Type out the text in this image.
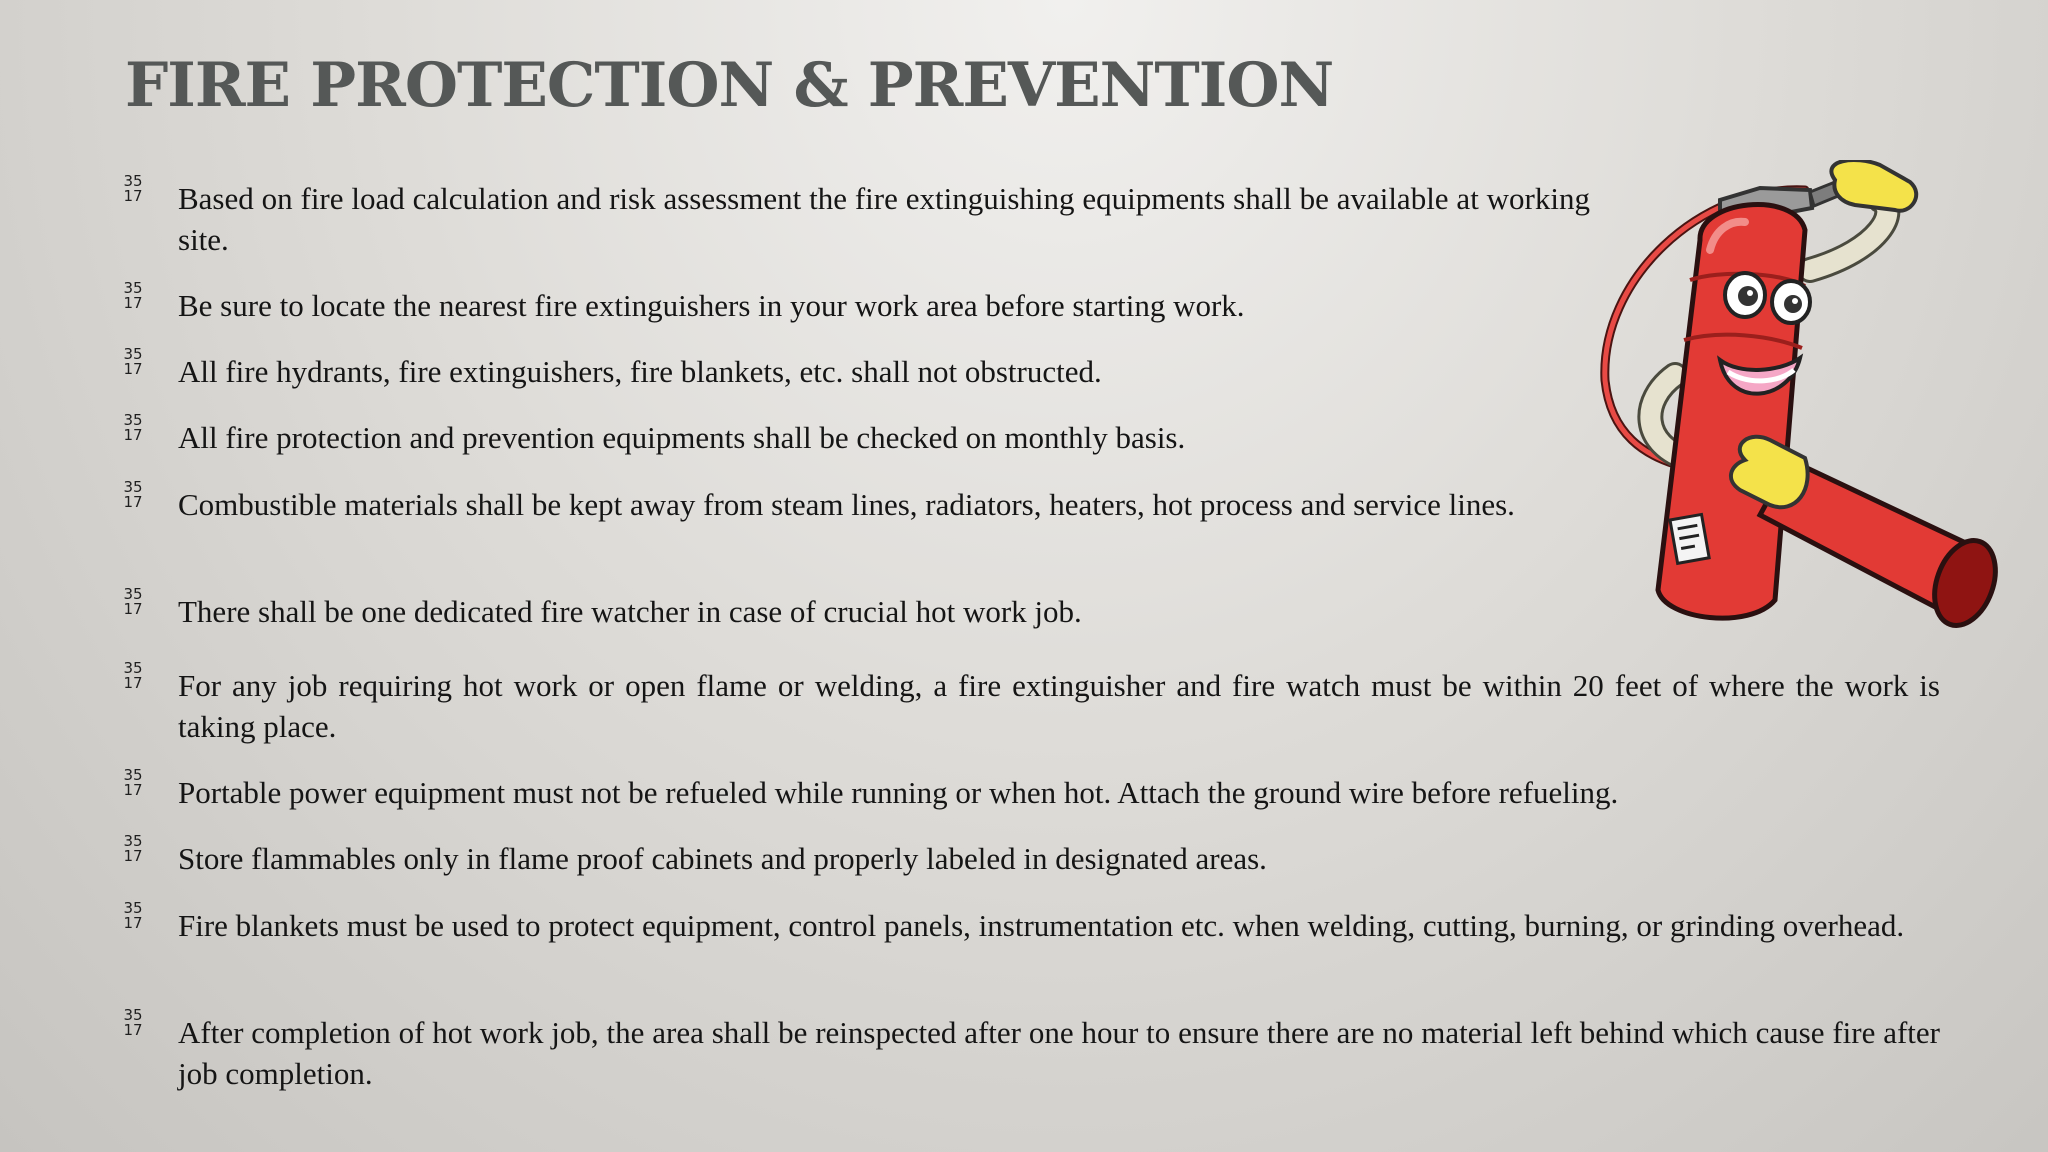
FIRE PROTECTION & PREVENTION
35
17 Based on fire load calculation and risk assessment the fire extinguishing equipments shall be available at working site.
35
17 Be sure to locate the nearest fire extinguishers in your work area before starting work.
35
17 All fire hydrants, fire extinguishers, fire blankets, etc. shall not obstructed.
35
17 All fire protection and prevention equipments shall be checked on monthly basis.
35
17 Combustible materials shall be kept away from steam lines, radiators, heaters, hot process and service lines.
35
17 There shall be one dedicated fire watcher in case of crucial hot work job.
35
17 For any job requiring hot work or open flame or welding, a fire extinguisher and fire watch must be within 20 feet of where the work is taking place.
35
17 Portable power equipment must not be refueled while running or when hot. Attach the ground wire before refueling.
35
17 Store flammables only in flame proof cabinets and properly labeled in designated areas.
35
17 Fire blankets must be used to protect equipment, control panels, instrumentation etc. when welding, cutting, burning, or grinding overhead.
35
17 After completion of hot work job, the area shall be reinspected after one hour to ensure there are no material left behind which cause fire after job completion.
